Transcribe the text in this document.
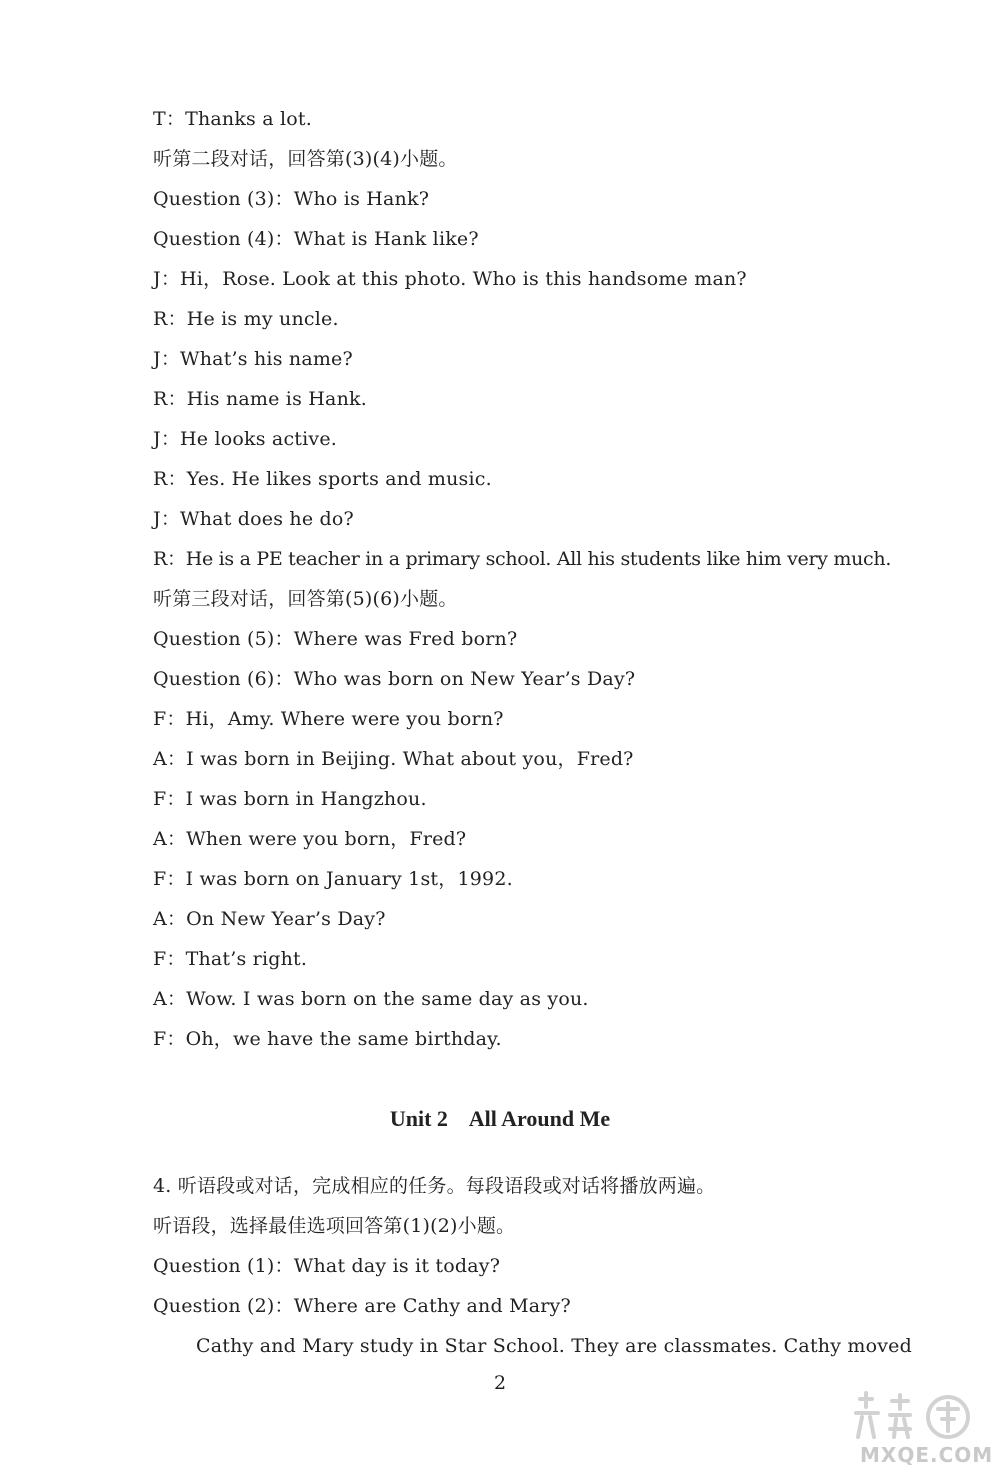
T：Thanks a lot.
听第二段对话，回答第(3)(4)小题。
Question (3)：Who is Hank?
Question (4)：What is Hank like?
J：Hi，Rose. Look at this photo. Who is this handsome man?
R：He is my uncle.
J：What’s his name?
R：His name is Hank.
J：He looks active.
R：Yes. He likes sports and music.
J：What does he do?
R：He is a PE teacher in a primary school. All his students like him very much.
听第三段对话，回答第(5)(6)小题。
Question (5)：Where was Fred born?
Question (6)：Who was born on New Year’s Day?
F：Hi，Amy. Where were you born?
A：I was born in Beijing. What about you，Fred?
F：I was born in Hangzhou.
A：When were you born，Fred?
F：I was born on January 1st，1992.
A：On New Year’s Day?
F：That’s right.
A：Wow. I was born on the same day as you.
F：Oh，we have the same birthday.
Unit 2    All Around Me
4. 听语段或对话，完成相应的任务。每段语段或对话将播放两遍。
听语段，选择最佳选项回答第(1)(2)小题。
Question (1)：What day is it today?
Question (2)：Where are Cathy and Mary?
Cathy and Mary study in Star School. They are classmates. Cathy moved
2
MXQE.COM
